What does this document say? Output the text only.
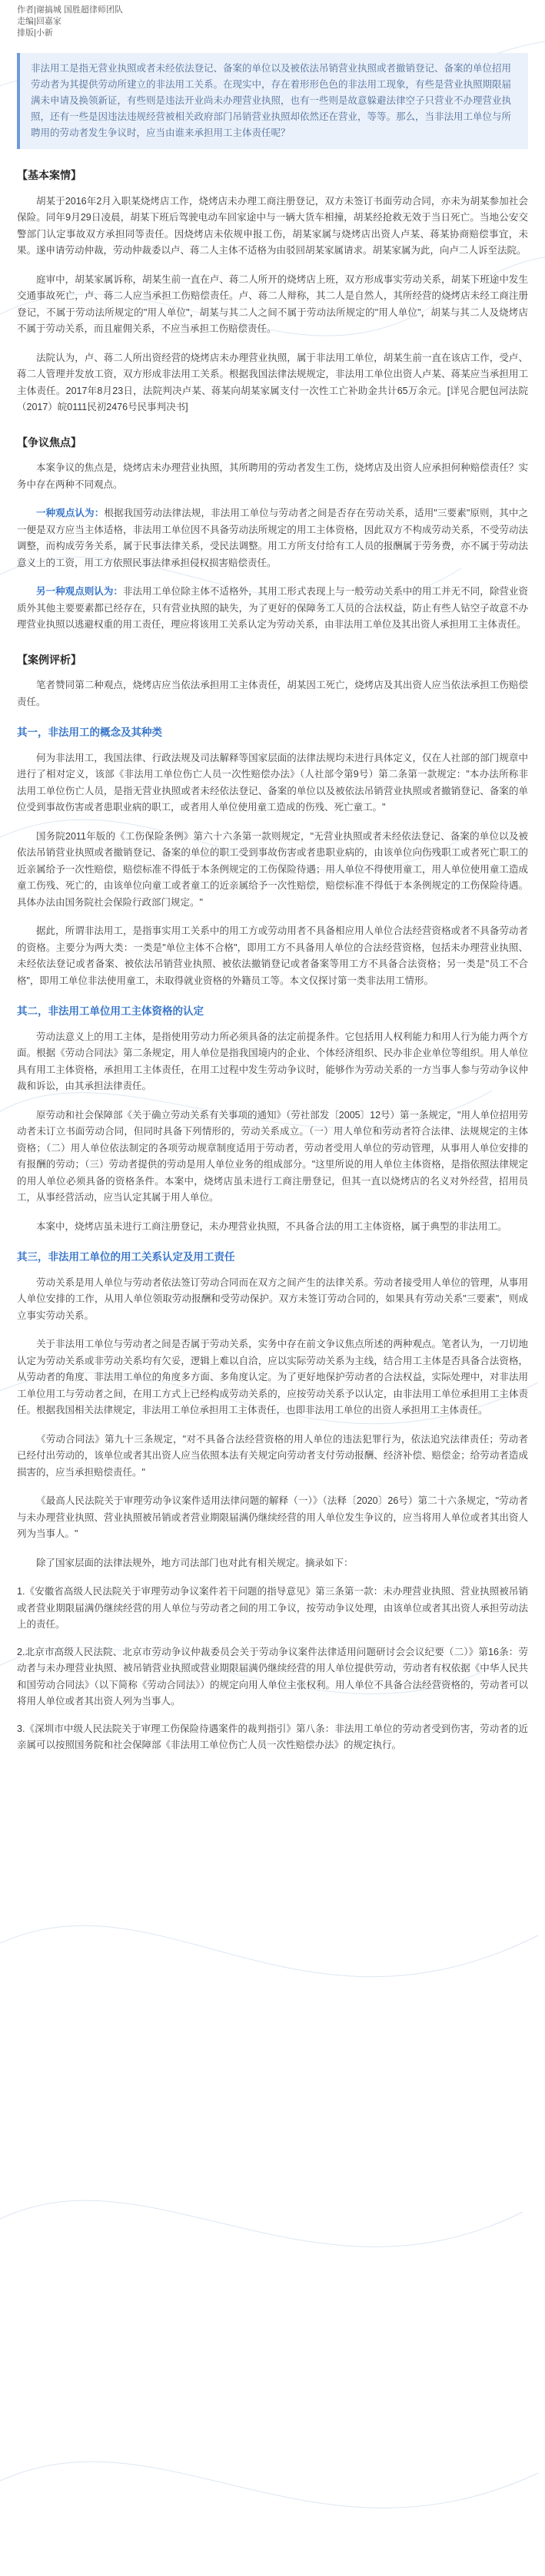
作者|谢搞城 国胜超律师团队
走编|回嘉家
排版|小新
非法用工是指无营业执照或者未经依法登记、备案的单位以及被依法吊销营业执照或者撤销登记、备案的单位招用劳动者为其提供劳动所建立的非法用工关系。在现实中，存在着形形色色的非法用工现象，有些是营业执照期限届满未申请及换领新证，有些则是违法开业尚未办理营业执照，也有一些则是故意躲避法律空子只营业不办理营业执照，还有一些是因违法违规经营被相关政府部门吊销营业执照却依然还在营业，等等。那么，当非法用工单位与所聘用的劳动者发生争议时，应当由谁来承担用工主体责任呢？
【基本案情】

胡某于2016年2月入职某烧烤店工作，烧烤店未办理工商注册登记，双方未签订书面劳动合同，亦未为胡某参加社会保险。同年9月29日凌晨，胡某下班后驾驶电动车回家途中与一辆大货车相撞，胡某经抢救无效于当日死亡。当地公安交警部门认定事故双方承担同等责任。因烧烤店未依规申报工伤，胡某家属与烧烤店出资人卢某、蒋某协商赔偿事宜，未果。遂申请劳动仲裁，劳动仲裁委以卢、蒋二人主体不适格为由驳回胡某家属请求。胡某家属为此，向卢二人诉至法院。

庭审中，胡某家属诉称，胡某生前一直在卢、蒋二人所开的烧烤店上班，双方形成事实劳动关系，胡某下班途中发生交通事故死亡，卢、蒋二人应当承担工伤赔偿责任。卢、蒋二人辩称，其二人是自然人，其所经营的烧烤店未经工商注册登记，不属于劳动法所规定的"用人单位"，胡某与其二人之间不属于劳动法所规定的"用人单位"，胡某与其二人及烧烤店不属于劳动关系，而且雇佣关系，不应当承担工伤赔偿责任。

法院认为，卢、蒋二人所出资经营的烧烤店未办理营业执照，属于非法用工单位，胡某生前一直在该店工作，受卢、蒋二人管理并发放工资，双方形成非法用工关系。根据我国法律法规规定，非法用工单位出资人卢某、蒋某应当承担用工主体责任。2017年8月23日，法院判决卢某、蒋某向胡某家属支付一次性工亡补助金共计65万余元。[详见合肥包河法院（2017）皖0111民初2476号民事判决书]

【争议焦点】

本案争议的焦点是，烧烤店未办理营业执照，其所聘用的劳动者发生工伤，烧烤店及出资人应承担何种赔偿责任？实务中存在两种不同观点。

一种观点认为：根据我国劳动法律法规，非法用工单位与劳动者之间是否存在劳动关系，适用"三要素"原则，其中之一便是双方应当主体适格，非法用工单位因不具备劳动法所规定的用工主体资格，因此双方不构成劳动关系，不受劳动法调整，而构成劳务关系，属于民事法律关系，受民法调整。用工方所支付给有工人员的报酬属于劳务费，亦不属于劳动法意义上的工资，用工方依照民事法律承担侵权损害赔偿责任。

另一种观点则认为：非法用工单位除主体不适格外，其用工形式表现上与一般劳动关系中的用工并无不同，除营业资质外其他主要要素都已经存在，只有营业执照的缺失，为了更好的保障务工人员的合法权益，防止有些人钻空子故意不办理营业执照以逃避权重的用工责任，理应将该用工关系认定为劳动关系，由非法用工单位及其出资人承担用工主体责任。

【案例评析】

笔者赞同第二种观点，烧烤店应当依法承担用工主体责任，胡某因工死亡，烧烤店及其出资人应当依法承担工伤赔偿责任。

其一，非法用工的概念及其种类

何为非法用工，我国法律、行政法规及司法解释等国家层面的法律法规均未进行具体定义，仅在人社部的部门规章中进行了相对定义，该部《非法用工单位伤亡人员一次性赔偿办法》（人社部令第9号）第二条第一款规定："本办法所称非法用工单位伤亡人员，是指无营业执照或者未经依法登记、备案的单位以及被依法吊销营业执照或者撤销登记、备案的单位受到事故伤害或者患职业病的职工，或者用人单位使用童工造成的伤残、死亡童工。"

国务院2011年版的《工伤保险条例》第六十六条第一款则规定，"无营业执照或者未经依法登记、备案的单位以及被依法吊销营业执照或者撤销登记、备案的单位的职工受到事故伤害或者患职业病的，由该单位向伤残职工或者死亡职工的近亲属给予一次性赔偿，赔偿标准不得低于本条例规定的工伤保险待遇；用人单位不得使用童工，用人单位使用童工造成童工伤残、死亡的，由该单位向童工或者童工的近亲属给予一次性赔偿，赔偿标准不得低于本条例规定的工伤保险待遇。具体办法由国务院社会保险行政部门规定。"

据此，所谓非法用工，是指事实用工关系中的用工方或劳动用者不具备相应用人单位合法经营资格或者不具备劳动者的资格。主要分为两大类：一类是"单位主体不合格"，即用工方不具备用人单位的合法经营资格，包括未办理营业执照、未经依法登记或者备案、被依法吊销营业执照、被依法撤销登记或者备案等用工方不具备合法资格；另一类是"员工不合格"，即用工单位非法使用童工，未取得就业资格的外籍员工等。本文仅探讨第一类非法用工情形。

其二，非法用工单位用工主体资格的认定

劳动法意义上的用工主体，是指使用劳动力所必须具备的法定前提条件。它包括用人权利能力和用人行为能力两个方面。根据《劳动合同法》第二条规定，用人单位是指我国境内的企业、个体经济组织、民办非企业单位等组织。用人单位具有用工主体资格，承担用工主体责任，在用工过程中发生劳动争议时，能够作为劳动关系的一方当事人参与劳动争议仲裁和诉讼，由其承担法律责任。

原劳动和社会保障部《关于确立劳动关系有关事项的通知》（劳社部发〔2005〕12号）第一条规定，"用人单位招用劳动者未订立书面劳动合同，但同时具备下列情形的，劳动关系成立。（一）用人单位和劳动者符合法律、法规规定的主体资格；（二）用人单位依法制定的各项劳动规章制度适用于劳动者，劳动者受用人单位的劳动管理，从事用人单位安排的有报酬的劳动；（三）劳动者提供的劳动是用人单位业务的组成部分。"这里所说的用人单位主体资格，是指依照法律规定的用人单位必须具备的资格条件。本案中，烧烤店虽未进行工商注册登记，但其一直以烧烤店的名义对外经营，招用员工，从事经营活动，应当认定其属于用人单位。

本案中，烧烤店虽未进行工商注册登记，未办理营业执照，不具备合法的用工主体资格，属于典型的非法用工。

其三，非法用工单位的用工关系认定及用工责任

劳动关系是用人单位与劳动者依法签订劳动合同而在双方之间产生的法律关系。劳动者接受用人单位的管理，从事用人单位安排的工作，从用人单位领取劳动报酬和受劳动保护。双方未签订劳动合同的，如果具有劳动关系"三要素"，则成立事实劳动关系。

关于非法用工单位与劳动者之间是否属于劳动关系，实务中存在前文争议焦点所述的两种观点。笔者认为，一刀切地认定为劳动关系或非劳动关系均有欠妥，逻辑上难以自洽，应以实际劳动关系为主线，结合用工主体是否具备合法资格，从劳动者的角度、非法用工单位的角度多方面、多角度认定。为了更好地保护劳动者的合法权益，实际处理中，对非法用工单位用工与劳动者之间，在用工方式上已经构成劳动关系的，应按劳动关系予以认定，由非法用工单位承担用工主体责任。根据我国相关法律规定，非法用工单位承担用工主体责任，也即非法用工单位的出资人承担用工主体责任。

《劳动合同法》第九十三条规定，"对不具备合法经营资格的用人单位的违法犯罪行为，依法追究法律责任；劳动者已经付出劳动的，该单位或者其出资人应当依照本法有关规定向劳动者支付劳动报酬、经济补偿、赔偿金；给劳动者造成损害的，应当承担赔偿责任。"

《最高人民法院关于审理劳动争议案件适用法律问题的解释（一）》（法释〔2020〕26号）第二十六条规定，"劳动者与未办理营业执照、营业执照被吊销或者营业期限届满仍继续经营的用人单位发生争议的，应当将用人单位或者其出资人列为当事人。"

除了国家层面的法律法规外，地方司法部门也对此有相关规定。摘录如下：

1.《安徽省高级人民法院关于审理劳动争议案件若干问题的指导意见》第三条第一款：未办理营业执照、营业执照被吊销或者营业期限届满仍继续经营的用人单位与劳动者之间的用工争议，按劳动争议处理，由该单位或者其出资人承担劳动法上的责任。
2.北京市高级人民法院、北京市劳动争议仲裁委员会关于劳动争议案件法律适用问题研讨会会议纪要（二）》第16条：劳动者与未办理营业执照、被吊销营业执照或营业期限届满仍继续经营的用人单位提供劳动，劳动者有权依据《中华人民共和国劳动合同法》（以下简称《劳动合同法》）的规定向用人单位主张权利。用人单位不具备合法经营资格的，劳动者可以将用人单位或者其出资人列为当事人。
3.《深圳市中级人民法院关于审理工伤保险待遇案件的裁判指引》第八条：非法用工单位的劳动者受到伤害，劳动者的近亲属可以按照国务院和社会保障部《非法用工单位伤亡人员一次性赔偿办法》的规定执行。
